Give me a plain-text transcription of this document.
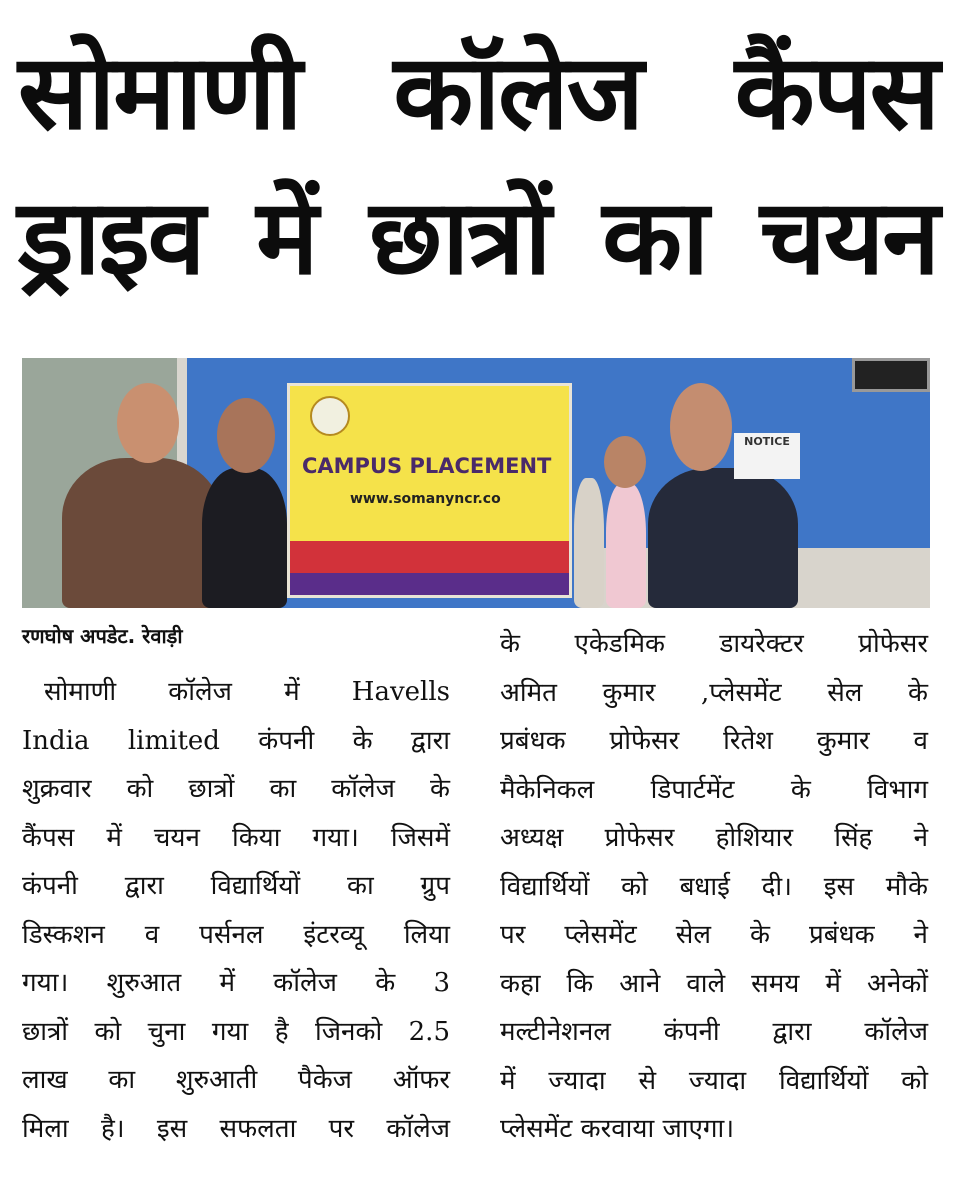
सोमाणी कॉलेज कैंपस
ड्राइव में छात्रों का चयन
CAMPUS PLACEMENT
www.somanyncr.co
NOTICE
रणघोष अपडेट. रेवाड़ी
सोमाणी कॉलेज में Havells
India limited कंपनी के द्वारा
शुक्रवार को छात्रों का कॉलेज के
कैंपस में चयन किया गया। जिसमें
कंपनी द्वारा विद्यार्थियों का ग्रुप
डिस्कशन व पर्सनल इंटरव्यू लिया
गया। शुरुआत में कॉलेज के 3
छात्रों को चुना गया है जिनको 2.5
लाख का शुरुआती पैकेज ऑफर
मिला है। इस सफलता पर कॉलेज
के एकेडमिक डायरेक्टर प्रोफेसर
अमित कुमार ,प्लेसमेंट सेल के
प्रबंधक प्रोफेसर रितेश कुमार व
मैकेनिकल डिपार्टमेंट के विभाग
अध्यक्ष प्रोफेसर होशियार सिंह ने
विद्यार्थियों को बधाई दी। इस मौके
पर प्लेसमेंट सेल के प्रबंधक ने
कहा कि आने वाले समय में अनेकों
मल्टीनेशनल कंपनी द्वारा कॉलेज
में ज्यादा से ज्यादा विद्यार्थियों को
प्लेसमेंट करवाया जाएगा।
